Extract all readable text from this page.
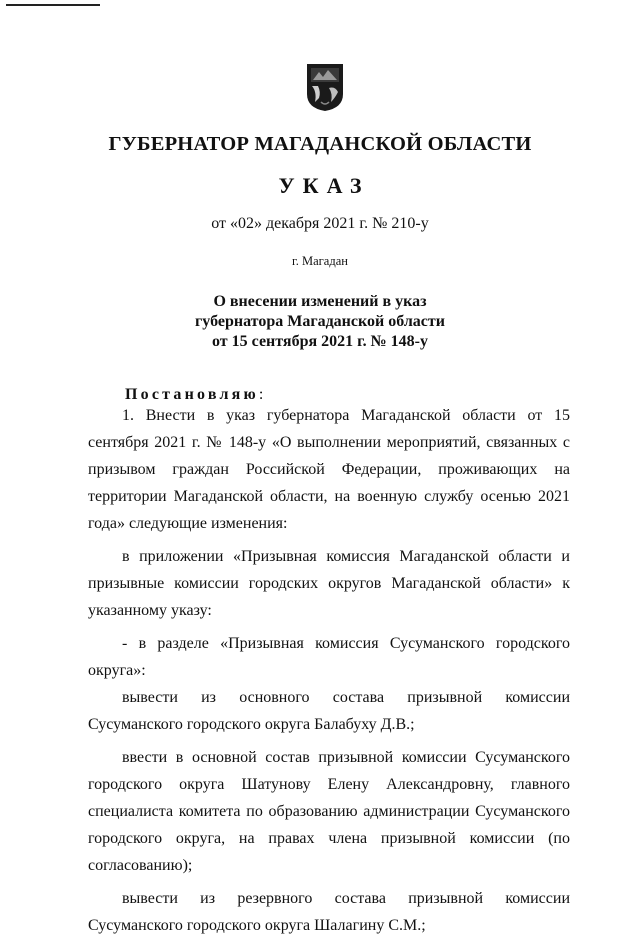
ГУБЕРНАТОР МАГАДАНСКОЙ ОБЛАСТИ
УКАЗ
от «02» декабря 2021 г. № 210-у
г. Магадан
О внесении изменений в указ
губернатора Магаданской области
от 15 сентября 2021 г. № 148-у
Постановляю:

1. Внести в указ губернатора Магаданской области от 15 сентября 2021 г. № 148-у «О выполнении мероприятий, связанных с призывом граждан Российской Федерации, проживающих на территории Магаданской области, на военную службу осенью 2021 года» следующие изменения:

в приложении «Призывная комиссия Магаданской области и призывные комиссии городских округов Магаданской области» к указанному указу:

- в разделе «Призывная комиссия Сусуманского городского округа»:

вывести из основного состава призывной комиссии Сусуманского городского округа Балабуху Д.В.;

ввести в основной состав призывной комиссии Сусуманского городского округа Шатунову Елену Александровну, главного специалиста комитета по образованию администрации Сусуманского городского округа, на правах члена призывной комиссии (по согласованию);

вывести из резервного состава призывной комиссии Сусуманского городского округа Шалагину С.М.;
